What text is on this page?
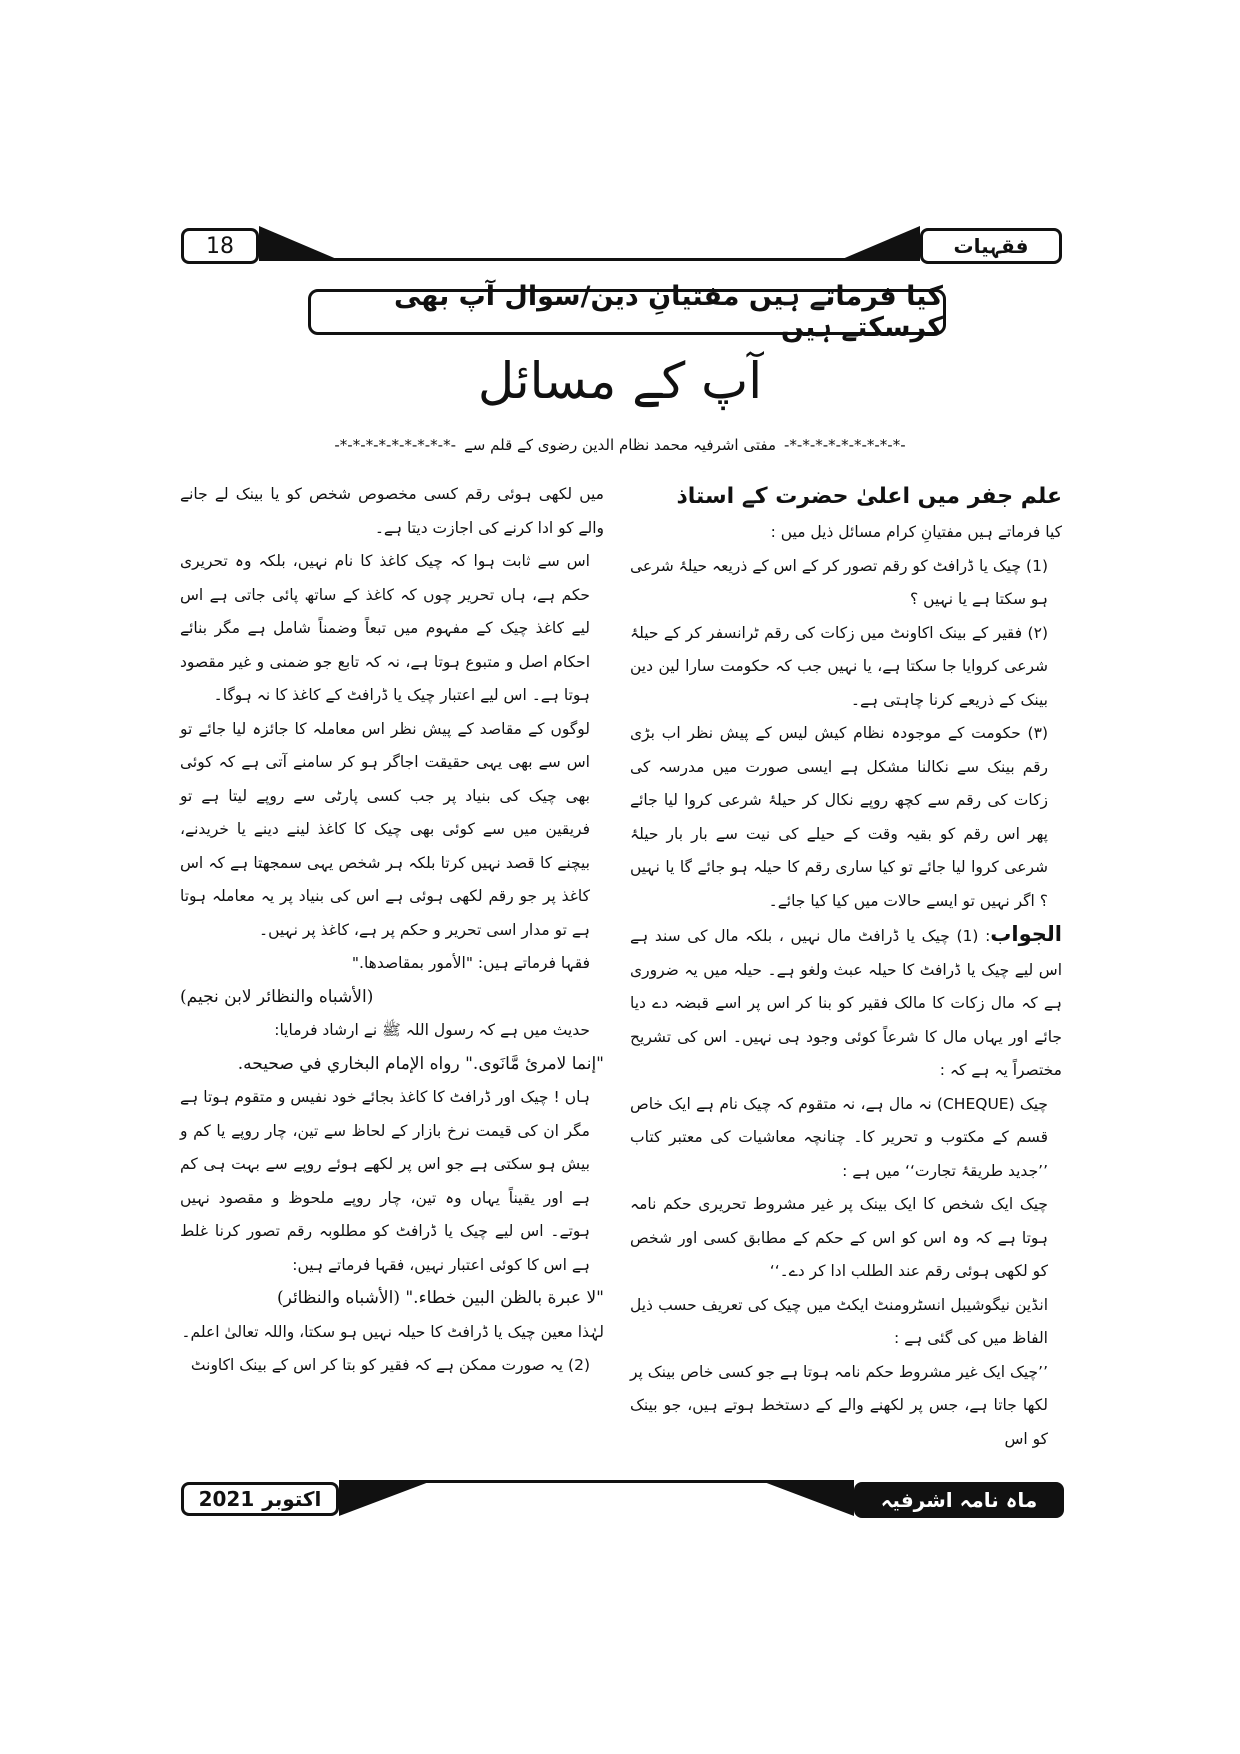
18	فقہیات
کیا فرماتے ہیں مفتیانِ دین/سوال آپ بھی کرسکتے ہیں
آپ کے مسائل
-*-*-*-*-*-*-*-*-*-
مفتی اشرفیہ محمد نظام الدین رضوی کے قلم سے
-*-*-*-*-*-*-*-*-*-

علم جفر میں اعلیٰ حضرت کے استاذ

کیا فرماتے ہیں مفتیانِ کرام مسائل ذیل میں :

(1) چیک یا ڈرافٹ کو رقم تصور کر کے اس کے ذریعہ حیلۂ شرعی ہو سکتا ہے یا نہیں ؟

(۲) فقیر کے بینک اکاونٹ میں زکات کی رقم ٹرانسفر کر کے حیلۂ شرعی کروایا جا سکتا ہے، یا نہیں جب کہ حکومت سارا لین دین بینک کے ذریعے کرنا چاہتی ہے۔

(۳) حکومت کے موجودہ نظام کیش لیس کے پیش نظر اب بڑی رقم بینک سے نکالنا مشکل ہے ایسی صورت میں مدرسہ کی زکات کی رقم سے کچھ روپے نکال کر حیلۂ شرعی کروا لیا جائے پھر اس رقم کو بقیہ وقت کے حیلے کی نیت سے بار بار حیلۂ شرعی کروا لیا جائے تو کیا ساری رقم کا حیلہ ہو جائے گا یا نہیں ؟ اگر نہیں تو ایسے حالات میں کیا کیا جائے۔

الجواب: (1) چیک یا ڈرافٹ مال نہیں ، بلکہ مال کی سند ہے اس لیے چیک یا ڈرافٹ کا حیلہ عبث ولغو ہے۔ حیلہ میں یہ ضروری ہے کہ مال زکات کا مالک فقیر کو بنا کر اس پر اسے قبضہ دے دیا جائے اور یہاں مال کا شرعاً کوئی وجود ہی نہیں۔ اس کی تشریح مختصراً یہ ہے کہ :

چیک (CHEQUE) نہ مال ہے، نہ متقوم کہ چیک نام ہے ایک خاص قسم کے مکتوب و تحریر کا۔ چنانچہ معاشیات کی معتبر کتاب ’’جدید طریقۂ تجارت‘‘ میں ہے :

چیک ایک شخص کا ایک بینک پر غیر مشروط تحریری حکم نامہ ہوتا ہے کہ وہ اس کو اس کے حکم کے مطابق کسی اور شخص کو لکھی ہوئی رقم عند الطلب ادا کر دے۔‘‘

انڈین نیگوشیبل انسٹرومنٹ ایکٹ میں چیک کی تعریف حسب ذیل الفاظ میں کی گئی ہے :

’’چیک ایک غیر مشروط حکم نامہ ہوتا ہے جو کسی خاص بینک پر لکھا جاتا ہے، جس پر لکھنے والے کے دستخط ہوتے ہیں، جو بینک کو اس

میں لکھی ہوئی رقم کسی مخصوص شخص کو یا بینک لے جانے والے کو ادا کرنے کی اجازت دیتا ہے۔

اس سے ثابت ہوا کہ چیک کاغذ کا نام نہیں، بلکہ وہ تحریری حکم ہے، ہاں تحریر چوں کہ کاغذ کے ساتھ پائی جاتی ہے اس لیے کاغذ چیک کے مفہوم میں تبعاً وضمناً شامل ہے مگر بنائے احکام اصل و متبوع ہوتا ہے، نہ کہ تابع جو ضمنی و غیر مقصود ہوتا ہے۔ اس لیے اعتبار چیک یا ڈرافٹ کے کاغذ کا نہ ہوگا۔

لوگوں کے مقاصد کے پیش نظر اس معاملہ کا جائزہ لیا جائے تو اس سے بھی یہی حقیقت اجاگر ہو کر سامنے آتی ہے کہ کوئی بھی چیک کی بنیاد پر جب کسی پارٹی سے روپے لیتا ہے تو فریقین میں سے کوئی بھی چیک کا کاغذ لینے دینے یا خریدنے، بیچنے کا قصد نہیں کرتا بلکہ ہر شخص یہی سمجھتا ہے کہ اس کاغذ پر جو رقم لکھی ہوئی ہے اس کی بنیاد پر یہ معاملہ ہوتا ہے تو مدار اسی تحریر و حکم پر ہے، کاغذ پر نہیں۔

فقہا فرماتے ہیں: "الأمور بمقاصدها."

(الأشباه والنظائر لابن نجيم)

حدیث میں ہے کہ رسول اللہ ﷺ نے ارشاد فرمایا:

"إنما لامرئ مَّانَوى." رواه الإمام البخاري في صحيحه.

ہاں ! چیک اور ڈرافٹ کا کاغذ بجائے خود نفیس و متقوم ہوتا ہے مگر ان کی قیمت نرخ بازار کے لحاظ سے تین، چار روپے یا کم و بیش ہو سکتی ہے جو اس پر لکھے ہوئے روپے سے بہت ہی کم ہے اور یقیناً یہاں وہ تین، چار روپے ملحوظ و مقصود نہیں ہوتے۔ اس لیے چیک یا ڈرافٹ کو مطلوبہ رقم تصور کرنا غلط ہے اس کا کوئی اعتبار نہیں، فقہا فرماتے ہیں:

"لا عبرة بالظن البين خطاء." (الأشباه والنظائر)

لہٰذا معین چیک یا ڈرافٹ کا حیلہ نہیں ہو سکتا، واللہ تعالیٰ اعلم۔

(2) یہ صورت ممکن ہے کہ فقیر کو بتا کر اس کے بینک اکاونٹ

اکتوبر
2021	ماہ نامہ اشرفیہ
